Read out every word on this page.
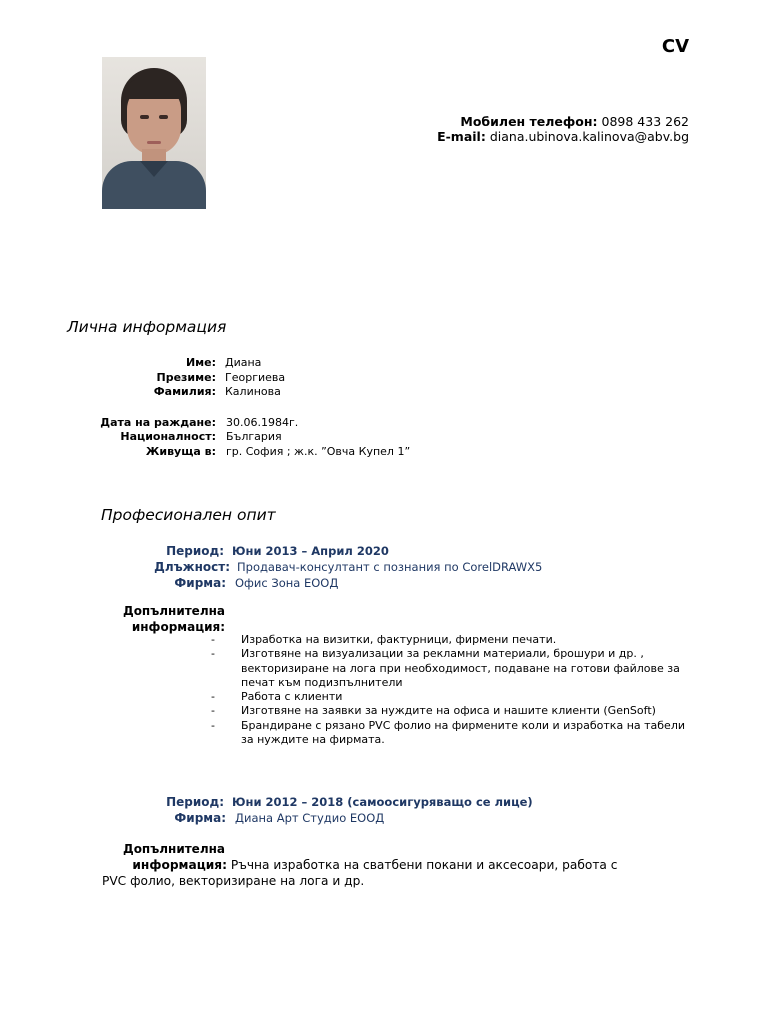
CV
Мобилен телефон: 0898 433 262
E-mail: diana.ubinova.kalinova@abv.bg
Лична информация
Име: Диана
Презиме: Георгиева
Фамилия: Калинова
Дата на раждане: 30.06.1984г.
Националност: България
Живуща в: гр. София ; ж.к. ”Овча Купел 1”
Професионален опит
Период: Юни 2013 – Април 2020
Длъжност: Продавач-консултант с познания по CorelDRAWX5
Фирма: Офис Зона ЕООД
Допълнителна
информация:
- Изработка на визитки, фактурници, фирмени печати.
- Изготвяне на визуализации за рекламни материали, брошури и др. , векторизиране на лога при необходимост, подаване на готови файлове за печат към подизпълнители
- Работа с клиенти
- Изготвяне на заявки за нуждите на офиса и нашите клиенти (GenSoft)
- Брандиране с рязано PVC фолио на фирмените коли и изработка на табели за нуждите на фирмата.
Период: Юни 2012 – 2018 (самоосигуряващо се лице)
Фирма: Диана Арт Студио ЕООД
Допълнителна
информация: Ръчна изработка на сватбени покани и аксесоари, работа с PVC фолио, векторизиране на лога и др.
